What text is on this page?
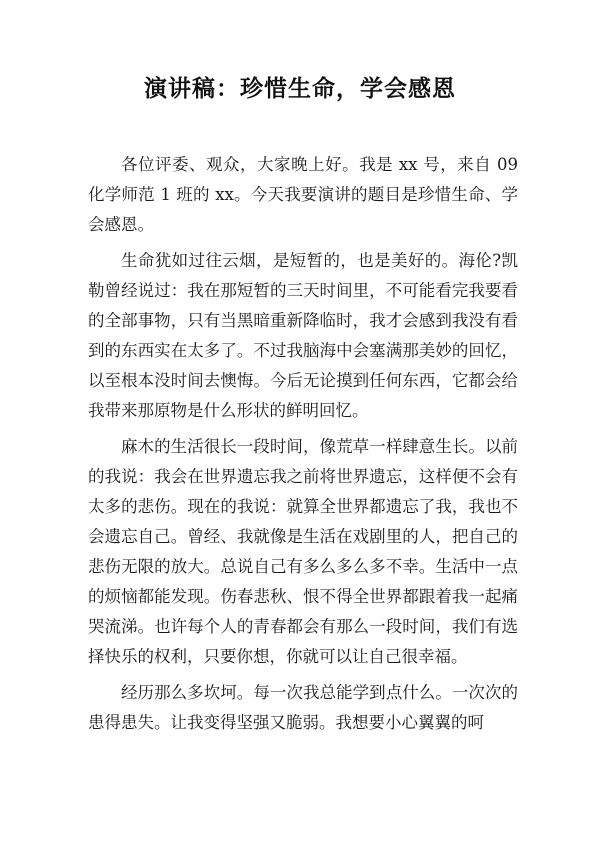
演讲稿：珍惜生命，学会感恩

各位评委、观众，大家晚上好。我是 xx 号，来自 09 化学师范 1 班的 xx。今天我要演讲的题目是珍惜生命、学会感恩。

生命犹如过往云烟，是短暂的，也是美好的。海伦?凯勒曾经说过：我在那短暂的三天时间里，不可能看完我要看的全部事物，只有当黑暗重新降临时，我才会感到我没有看到的东西实在太多了。不过我脑海中会塞满那美妙的回忆，以至根本没时间去懊悔。今后无论摸到任何东西，它都会给我带来那原物是什么形状的鲜明回忆。

麻木的生活很长一段时间，像荒草一样肆意生长。以前的我说：我会在世界遗忘我之前将世界遗忘，这样便不会有太多的悲伤。现在的我说：就算全世界都遗忘了我，我也不会遗忘自己。曾经、我就像是生活在戏剧里的人，把自己的悲伤无限的放大。总说自己有多么多么多不幸。生活中一点的烦恼都能发现。伤春悲秋、恨不得全世界都跟着我一起痛哭流涕。也许每个人的青春都会有那么一段时间，我们有选择快乐的权利，只要你想，你就可以让自己很幸福。

经历那么多坎坷。每一次我总能学到点什么。一次次的患得患失。让我变得坚强又脆弱。我想要小心翼翼的呵
